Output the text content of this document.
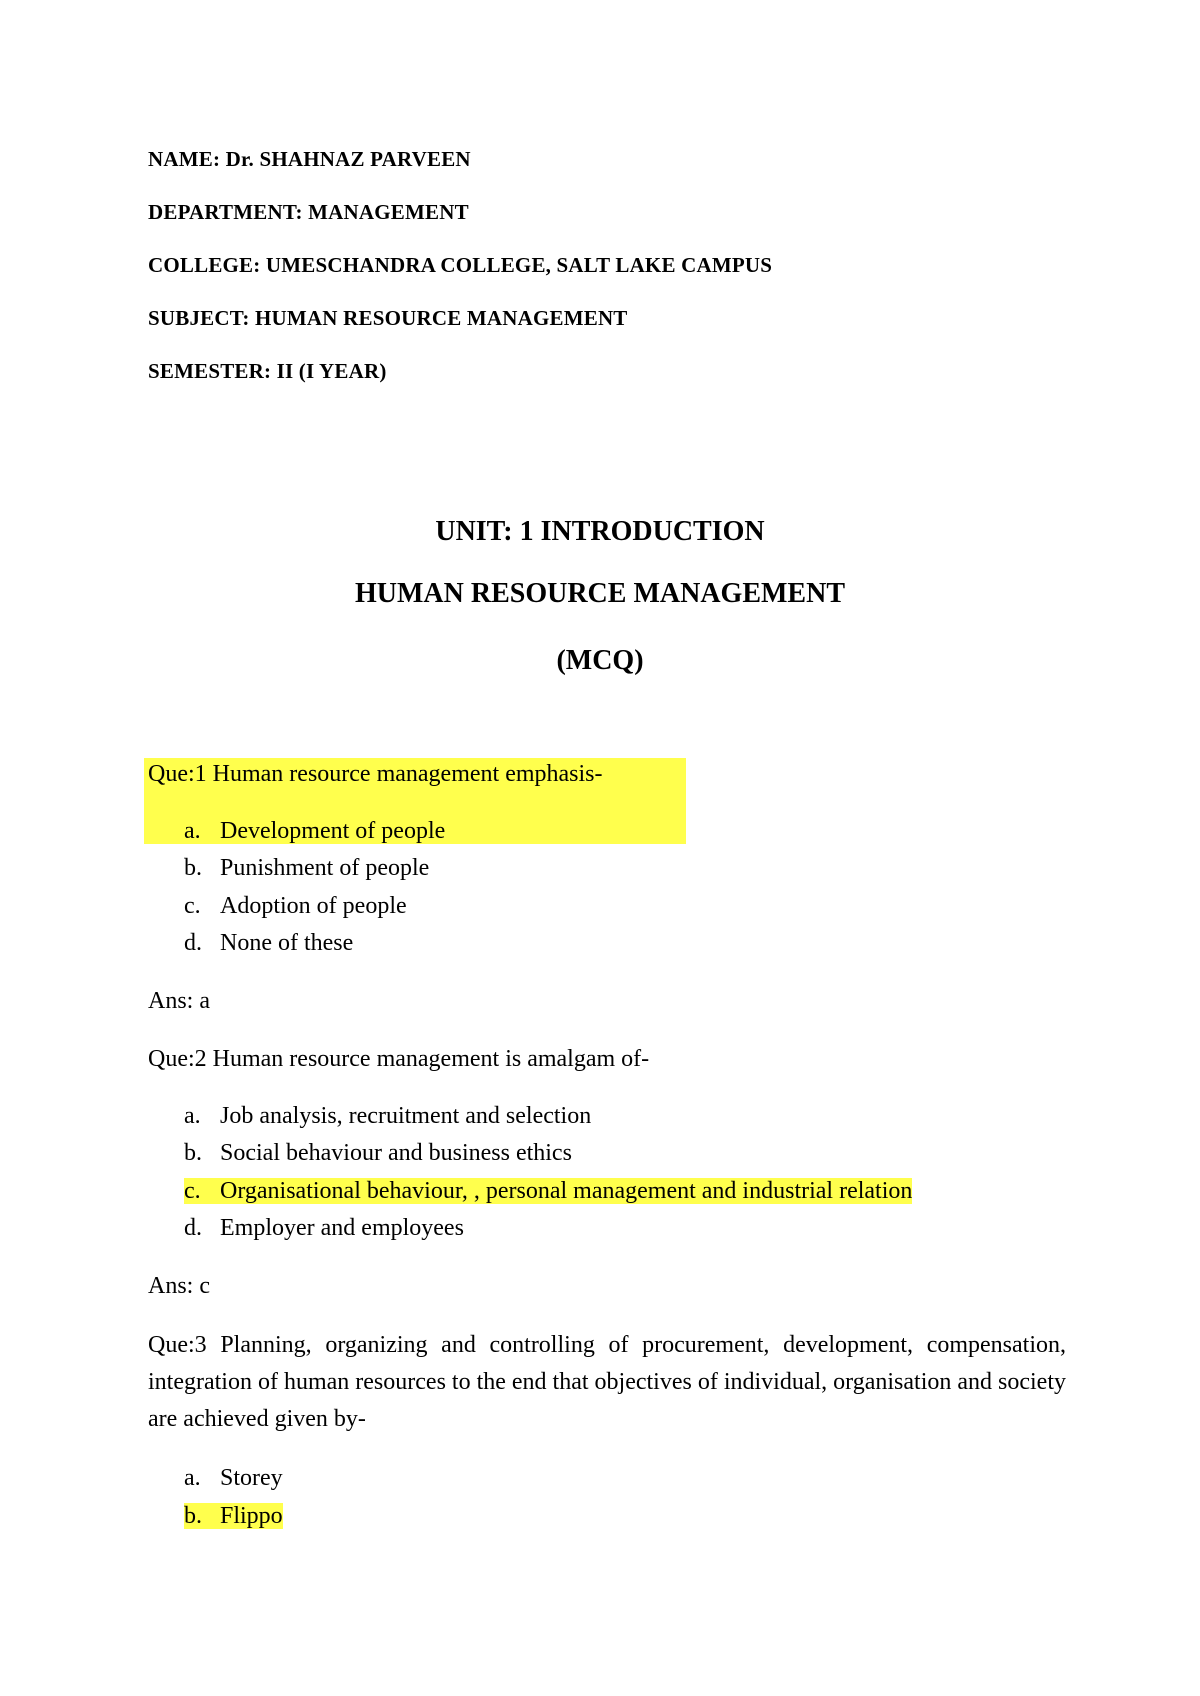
NAME: Dr. SHAHNAZ PARVEEN

DEPARTMENT: MANAGEMENT

COLLEGE: UMESCHANDRA COLLEGE, SALT LAKE CAMPUS

SUBJECT: HUMAN RESOURCE MANAGEMENT

SEMESTER: II (I YEAR)

UNIT: 1 INTRODUCTION

HUMAN RESOURCE MANAGEMENT

(MCQ)

Que:1 Human resource management emphasis-

a. Development of people

b. Punishment of people

c. Adoption of people

d. None of these

Ans: a

Que:2 Human resource management is amalgam of-

a. Job analysis, recruitment and selection

b. Social behaviour and business ethics

c. Organisational behaviour, , personal management and industrial relation

d. Employer and employees

Ans: c

Que:3 Planning, organizing and controlling of procurement, development, compensation, integration of human resources to the end that objectives of individual, organisation and society are achieved given by-

a. Storey

b. Flippo
